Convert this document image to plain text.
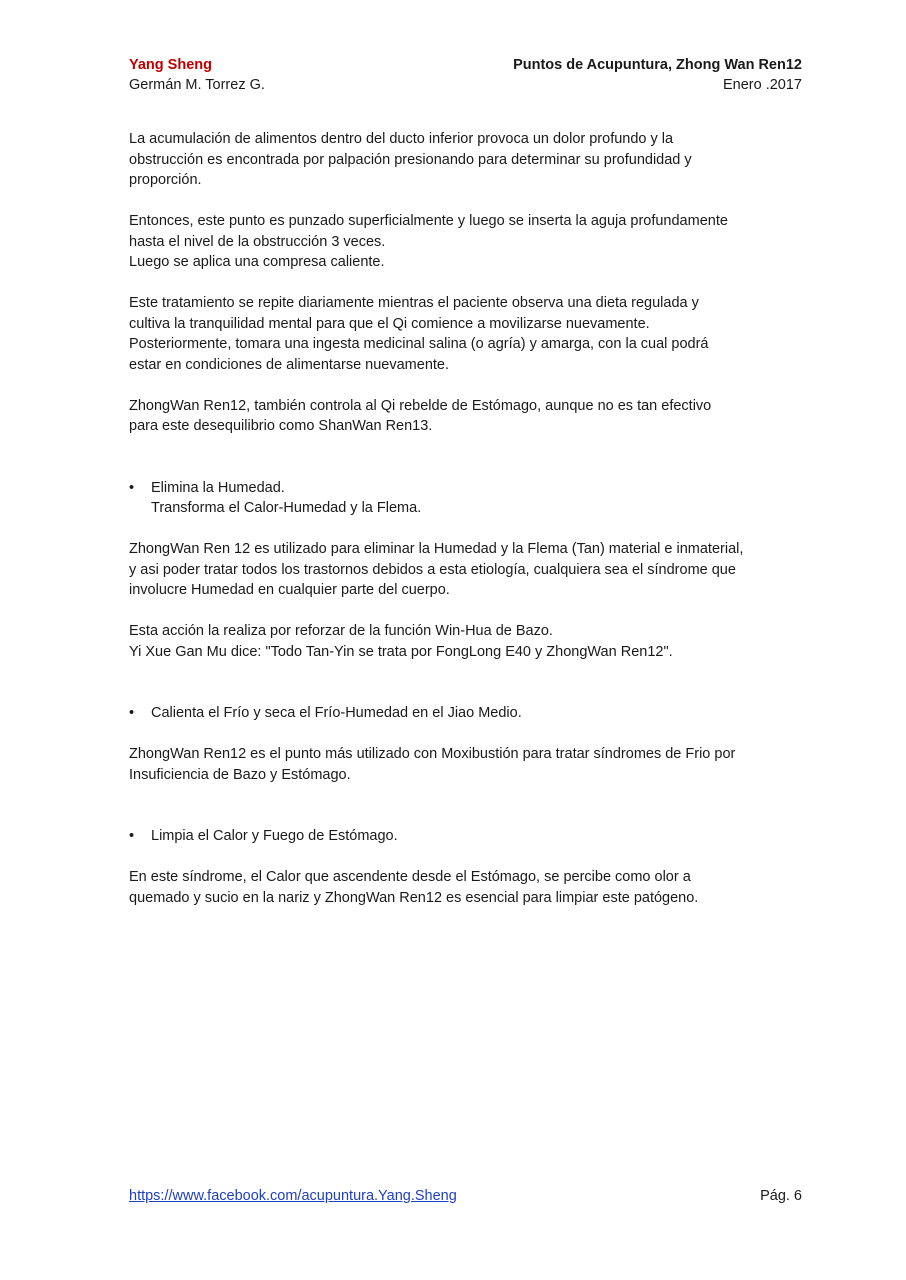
Yang Sheng	Puntos de Acupuntura, Zhong Wan Ren12
Germán M. Torrez G.	Enero .2017

La acumulación de alimentos dentro del ducto inferior provoca un dolor profundo y la
obstrucción es encontrada por palpación presionando para determinar su profundidad y
proporción.

Entonces, este punto es punzado superficialmente y luego se inserta la aguja profundamente
hasta el nivel de la obstrucción 3 veces.
Luego se aplica una compresa caliente.

Este tratamiento se repite diariamente mientras el paciente observa una dieta regulada y
cultiva la tranquilidad mental para que el Qi comience a movilizarse nuevamente.
Posteriormente, tomara una ingesta medicinal salina (o agría) y amarga, con la cual podrá
estar en condiciones de alimentarse nuevamente.

ZhongWan Ren12, también controla al Qi rebelde de Estómago, aunque no es tan efectivo
para este desequilibrio como ShanWan Ren13.

• Elimina la Humedad.
Transforma el Calor-Humedad y la Flema.

ZhongWan Ren 12 es utilizado para eliminar la Humedad y la Flema (Tan) material e inmaterial,
y asi poder tratar todos los trastornos debidos a esta etiología, cualquiera sea el síndrome que
involucre Humedad en cualquier parte del cuerpo.

Esta acción la realiza por reforzar de la función Win-Hua de Bazo.
Yi Xue Gan Mu dice: "Todo Tan-Yin se trata por FongLong E40 y ZhongWan Ren12".

• Calienta el Frío y seca el Frío-Humedad en el Jiao Medio.

ZhongWan Ren12 es el punto más utilizado con Moxibustión para tratar síndromes de Frio por
Insuficiencia de Bazo y Estómago.

• Limpia el Calor y Fuego de Estómago.

En este síndrome, el Calor que ascendente desde el Estómago, se percibe como olor a
quemado y sucio en la nariz y ZhongWan Ren12 es esencial para limpiar este patógeno.

https://www.facebook.com/acupuntura.Yang.Sheng	Pág. 6
